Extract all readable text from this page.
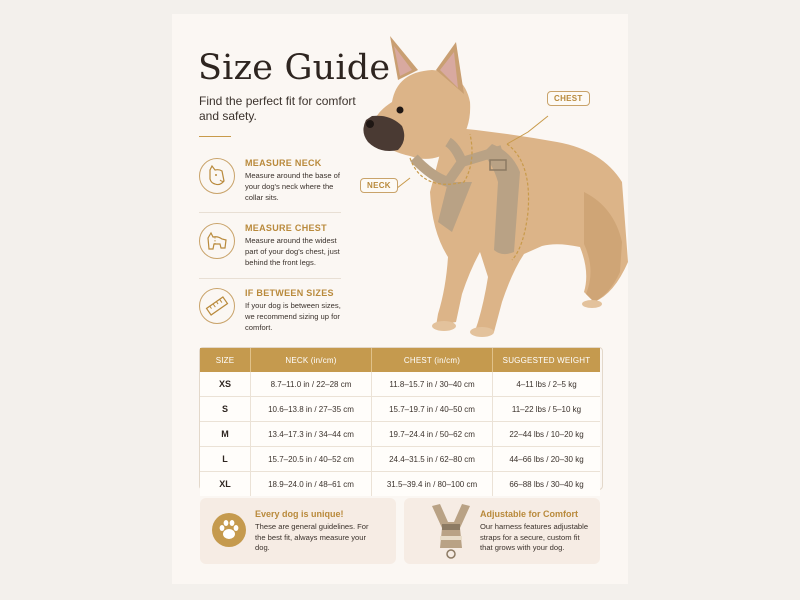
Size Guide
Find the perfect fit for comfort and safety.
MEASURE NECK
Measure around the base of your dog's neck where the collar sits.
MEASURE CHEST
Measure around the widest part of your dog's chest, just behind the front legs.
IF BETWEEN SIZES
If your dog is between sizes, we recommend sizing up for comfort.
CHEST
NECK
SIZE	NECK (in/cm)	CHEST (in/cm)	SUGGESTED WEIGHT
XS	8.7–11.0 in / 22–28 cm	11.8–15.7 in / 30–40 cm	4–11 lbs / 2–5 kg
S	10.6–13.8 in / 27–35 cm	15.7–19.7 in / 40–50 cm	11–22 lbs / 5–10 kg
M	13.4–17.3 in / 34–44 cm	19.7–24.4 in / 50–62 cm	22–44 lbs / 10–20 kg
L	15.7–20.5 in / 40–52 cm	24.4–31.5 in / 62–80 cm	44–66 lbs / 20–30 kg
XL	18.9–24.0 in / 48–61 cm	31.5–39.4 in / 80–100 cm	66–88 lbs / 30–40 kg
Every dog is unique!
These are general guidelines. For the best fit, always measure your dog.
Adjustable for Comfort
Our harness features adjustable straps for a secure, custom fit that grows with your dog.
